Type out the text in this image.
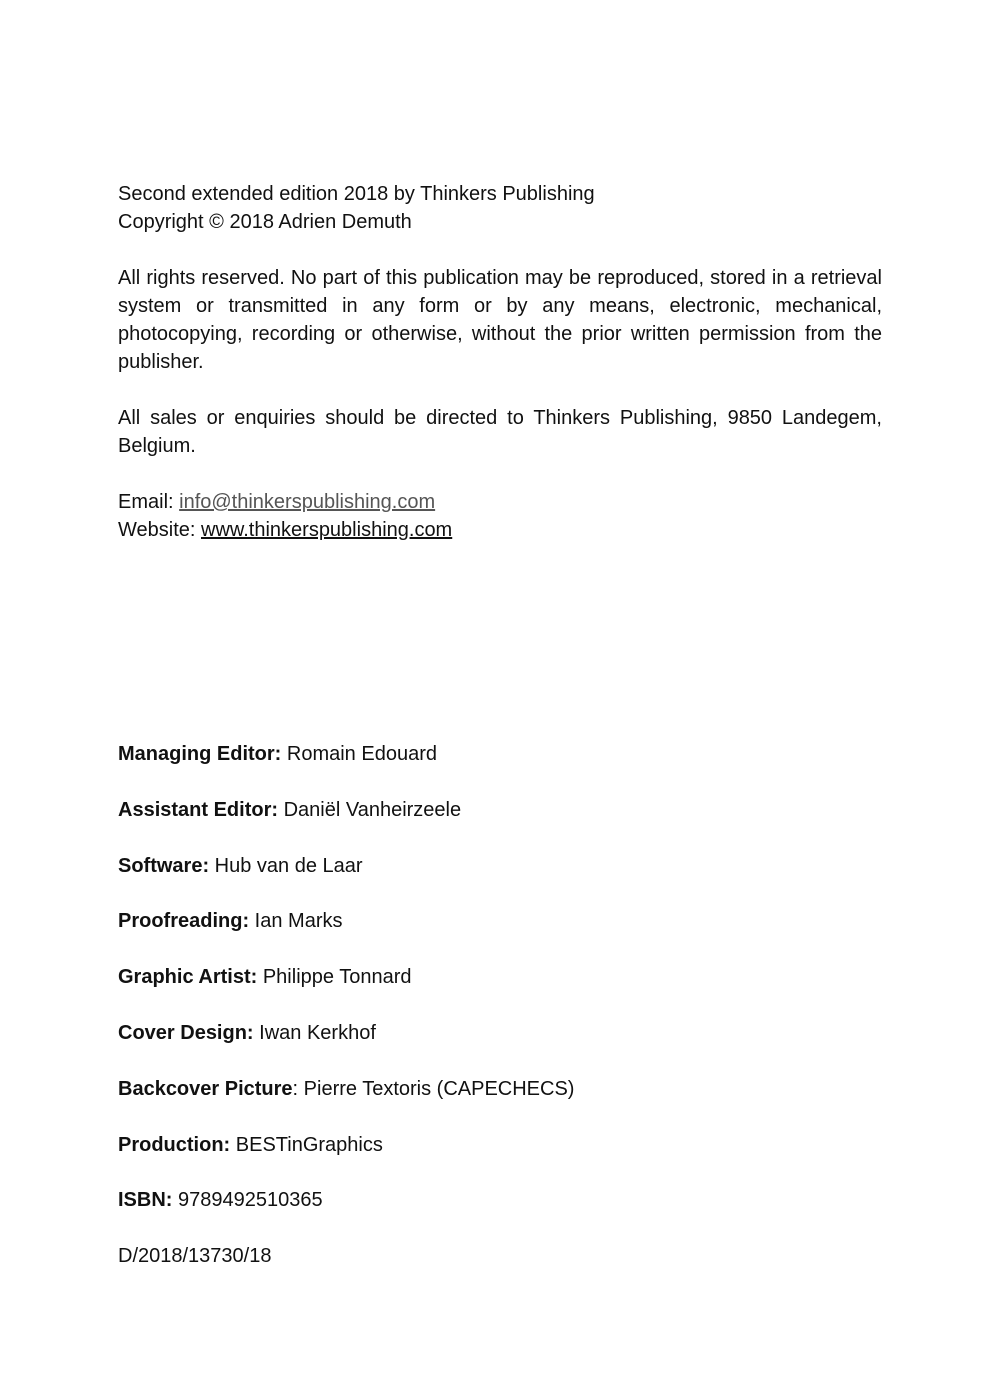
Second extended edition 2018 by Thinkers Publishing
Copyright © 2018 Adrien Demuth

All rights reserved. No part of this publication may be reproduced, stored in a retrieval system or transmitted in any form or by any means, electronic, mechanical, photocopying, recording or otherwise, without the prior written permission from the publisher.

All sales or enquiries should be directed to Thinkers Publishing, 9850 Landegem, Belgium.

Email: info@thinkerspublishing.com
Website: www.thinkerspublishing.com
Managing Editor: Romain Edouard
Assistant Editor: Daniël Vanheirzeele
Software: Hub van de Laar
Proofreading: Ian Marks
Graphic Artist: Philippe Tonnard
Cover Design: Iwan Kerkhof
Backcover Picture: Pierre Textoris (CAPECHECS)
Production: BESTinGraphics
ISBN: 9789492510365
D/2018/13730/18
